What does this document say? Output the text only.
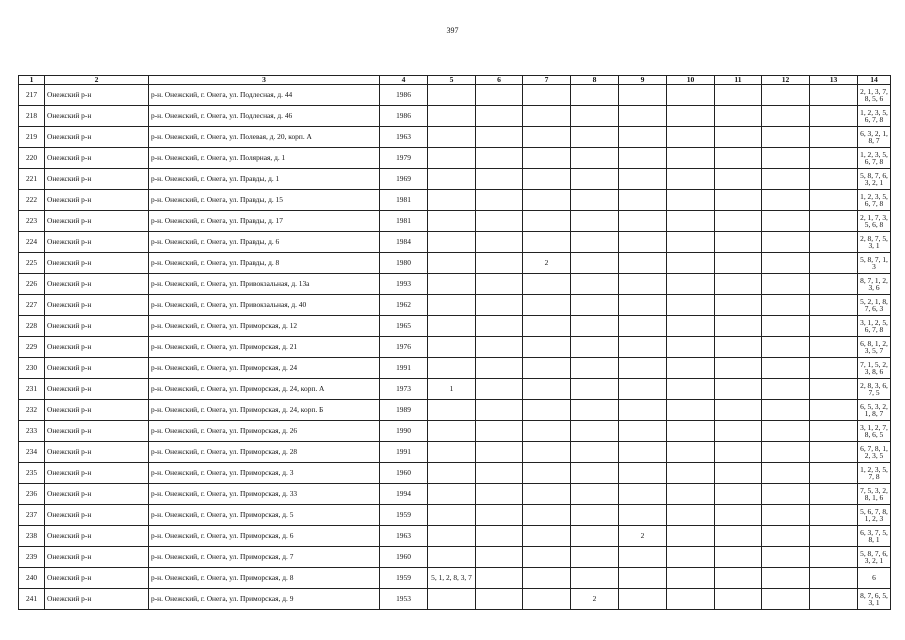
397
1	2	3	4	5	6	7	8	9	10	11	12	13	14
217	Онежский р-н	р-н. Онежский, г. Онега, ул. Подлесная, д. 44	1986										2, 1, 3, 7, 8, 5, 6

218	Онежский р-н	р-н. Онежский, г. Онега, ул. Подлесная, д. 46	1986										1, 2, 3, 5, 6, 7, 8

219	Онежский р-н	р-н. Онежский, г. Онега, ул. Полевая, д. 20, корп. А	1963										6, 3, 2, 1, 8, 7

220	Онежский р-н	р-н. Онежский, г. Онега, ул. Полярная, д. 1	1979										1, 2, 3, 5, 6, 7, 8

221	Онежский р-н	р-н. Онежский, г. Онега, ул. Правды, д. 1	1969										5, 8, 7, 6, 3, 2, 1

222	Онежский р-н	р-н. Онежский, г. Онега, ул. Правды, д. 15	1981										1, 2, 3, 5, 6, 7, 8

223	Онежский р-н	р-н. Онежский, г. Онега, ул. Правды, д. 17	1981										2, 1, 7, 3, 5, 6, 8

224	Онежский р-н	р-н. Онежский, г. Онега, ул. Правды, д. 6	1984										2, 8, 7, 5, 3, 1

225	Онежский р-н	р-н. Онежский, г. Онега, ул. Правды, д. 8	1980			2							5, 8, 7, 1, 3

226	Онежский р-н	р-н. Онежский, г. Онега, ул. Привокзальная, д. 13а	1993										8, 7, 1, 2, 3, 6

227	Онежский р-н	р-н. Онежский, г. Онега, ул. Привокзальная, д. 40	1962										5, 2, 1, 8, 7, 6, 3

228	Онежский р-н	р-н. Онежский, г. Онега, ул. Приморская, д. 12	1965										3, 1, 2, 5, 6, 7, 8

229	Онежский р-н	р-н. Онежский, г. Онега, ул. Приморская, д. 21	1976										6, 8, 1, 2, 3, 5, 7

230	Онежский р-н	р-н. Онежский, г. Онега, ул. Приморская, д. 24	1991										7, 1, 5, 2, 3, 8, 6

231	Онежский р-н	р-н. Онежский, г. Онега, ул. Приморская, д. 24, корп. А	1973	1									2, 8, 3, 6, 7, 5

232	Онежский р-н	р-н. Онежский, г. Онега, ул. Приморская, д. 24, корп. Б	1989										6, 5, 3, 2, 1, 8, 7

233	Онежский р-н	р-н. Онежский, г. Онега, ул. Приморская, д. 26	1990										3, 1, 2, 7, 8, 6, 5

234	Онежский р-н	р-н. Онежский, г. Онега, ул. Приморская, д. 28	1991										6, 7, 8, 1, 2, 3, 5

235	Онежский р-н	р-н. Онежский, г. Онега, ул. Приморская, д. 3	1960										1, 2, 3, 5, 7, 8

236	Онежский р-н	р-н. Онежский, г. Онега, ул. Приморская, д. 33	1994										7, 5, 3, 2, 8, 1, 6

237	Онежский р-н	р-н. Онежский, г. Онега, ул. Приморская, д. 5	1959										5, 6, 7, 8, 1, 2, 3

238	Онежский р-н	р-н. Онежский, г. Онега, ул. Приморская, д. 6	1963					2					6, 3, 7, 5, 8, 1

239	Онежский р-н	р-н. Онежский, г. Онега, ул. Приморская, д. 7	1960										5, 8, 7, 6, 3, 2, 1

240	Онежский р-н	р-н. Онежский, г. Онега, ул. Приморская, д. 8	1959	5, 1, 2, 8, 3, 7									6

241	Онежский р-н	р-н. Онежский, г. Онега, ул. Приморская, д. 9	1953				2						8, 7, 6, 5, 3, 1
